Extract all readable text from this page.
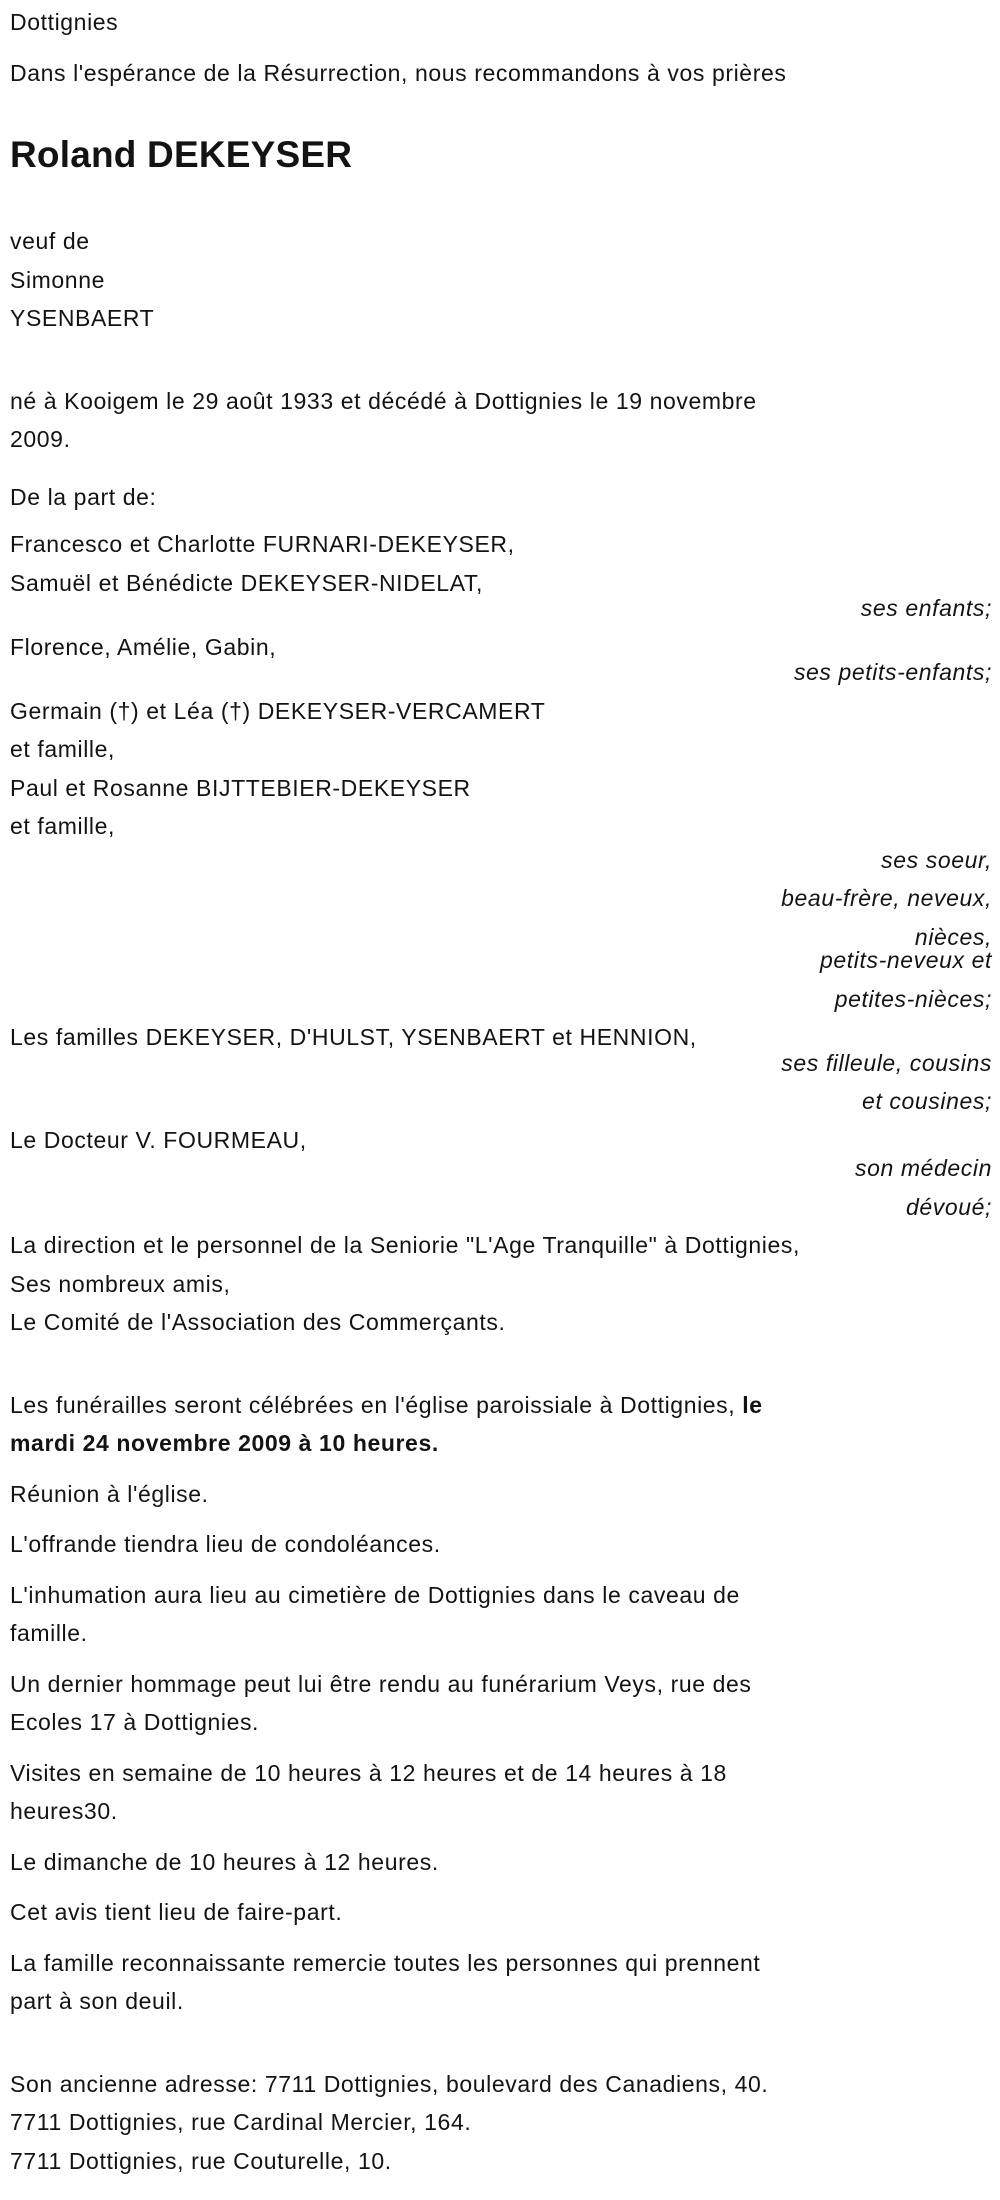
Dottignies
Dans l'espérance de la Résurrection, nous recommandons à vos prières
Roland DEKEYSER
veuf de
Simonne
YSENBAERT
né à Kooigem le 29 août 1933 et décédé à Dottignies le 19 novembre
2009.
De la part de:
Francesco et Charlotte FURNARI-DEKEYSER,
Samuël et Bénédicte DEKEYSER-NIDELAT,
ses enfants;
Florence, Amélie, Gabin,
ses petits-enfants;
Germain (†) et Léa (†) DEKEYSER-VERCAMERT
et famille,
Paul et Rosanne BIJTTEBIER-DEKEYSER
et famille,
ses soeur,
beau-frère, neveux,
nièces,
petits-neveux et
petites-nièces;
Les familles DEKEYSER, D'HULST, YSENBAERT et HENNION,
ses filleule, cousins
et cousines;
Le Docteur V. FOURMEAU,
son médecin
dévoué;
La direction et le personnel de la Seniorie "L'Age Tranquille" à Dottignies,
Ses nombreux amis,
Le Comité de l'Association des Commerçants.
Les funérailles seront célébrées en l'église paroissiale à Dottignies, le
mardi 24 novembre 2009 à 10 heures.
Réunion à l'église.
L'offrande tiendra lieu de condoléances.
L'inhumation aura lieu au cimetière de Dottignies dans le caveau de
famille.
Un dernier hommage peut lui être rendu au funérarium Veys, rue des
Ecoles 17 à Dottignies.
Visites en semaine de 10 heures à 12 heures et de 14 heures à 18
heures30.
Le dimanche de 10 heures à 12 heures.
Cet avis tient lieu de faire-part.
La famille reconnaissante remercie toutes les personnes qui prennent
part à son deuil.
Son ancienne adresse: 7711 Dottignies, boulevard des Canadiens, 40.
7711 Dottignies, rue Cardinal Mercier, 164.
7711 Dottignies, rue Couturelle, 10.
